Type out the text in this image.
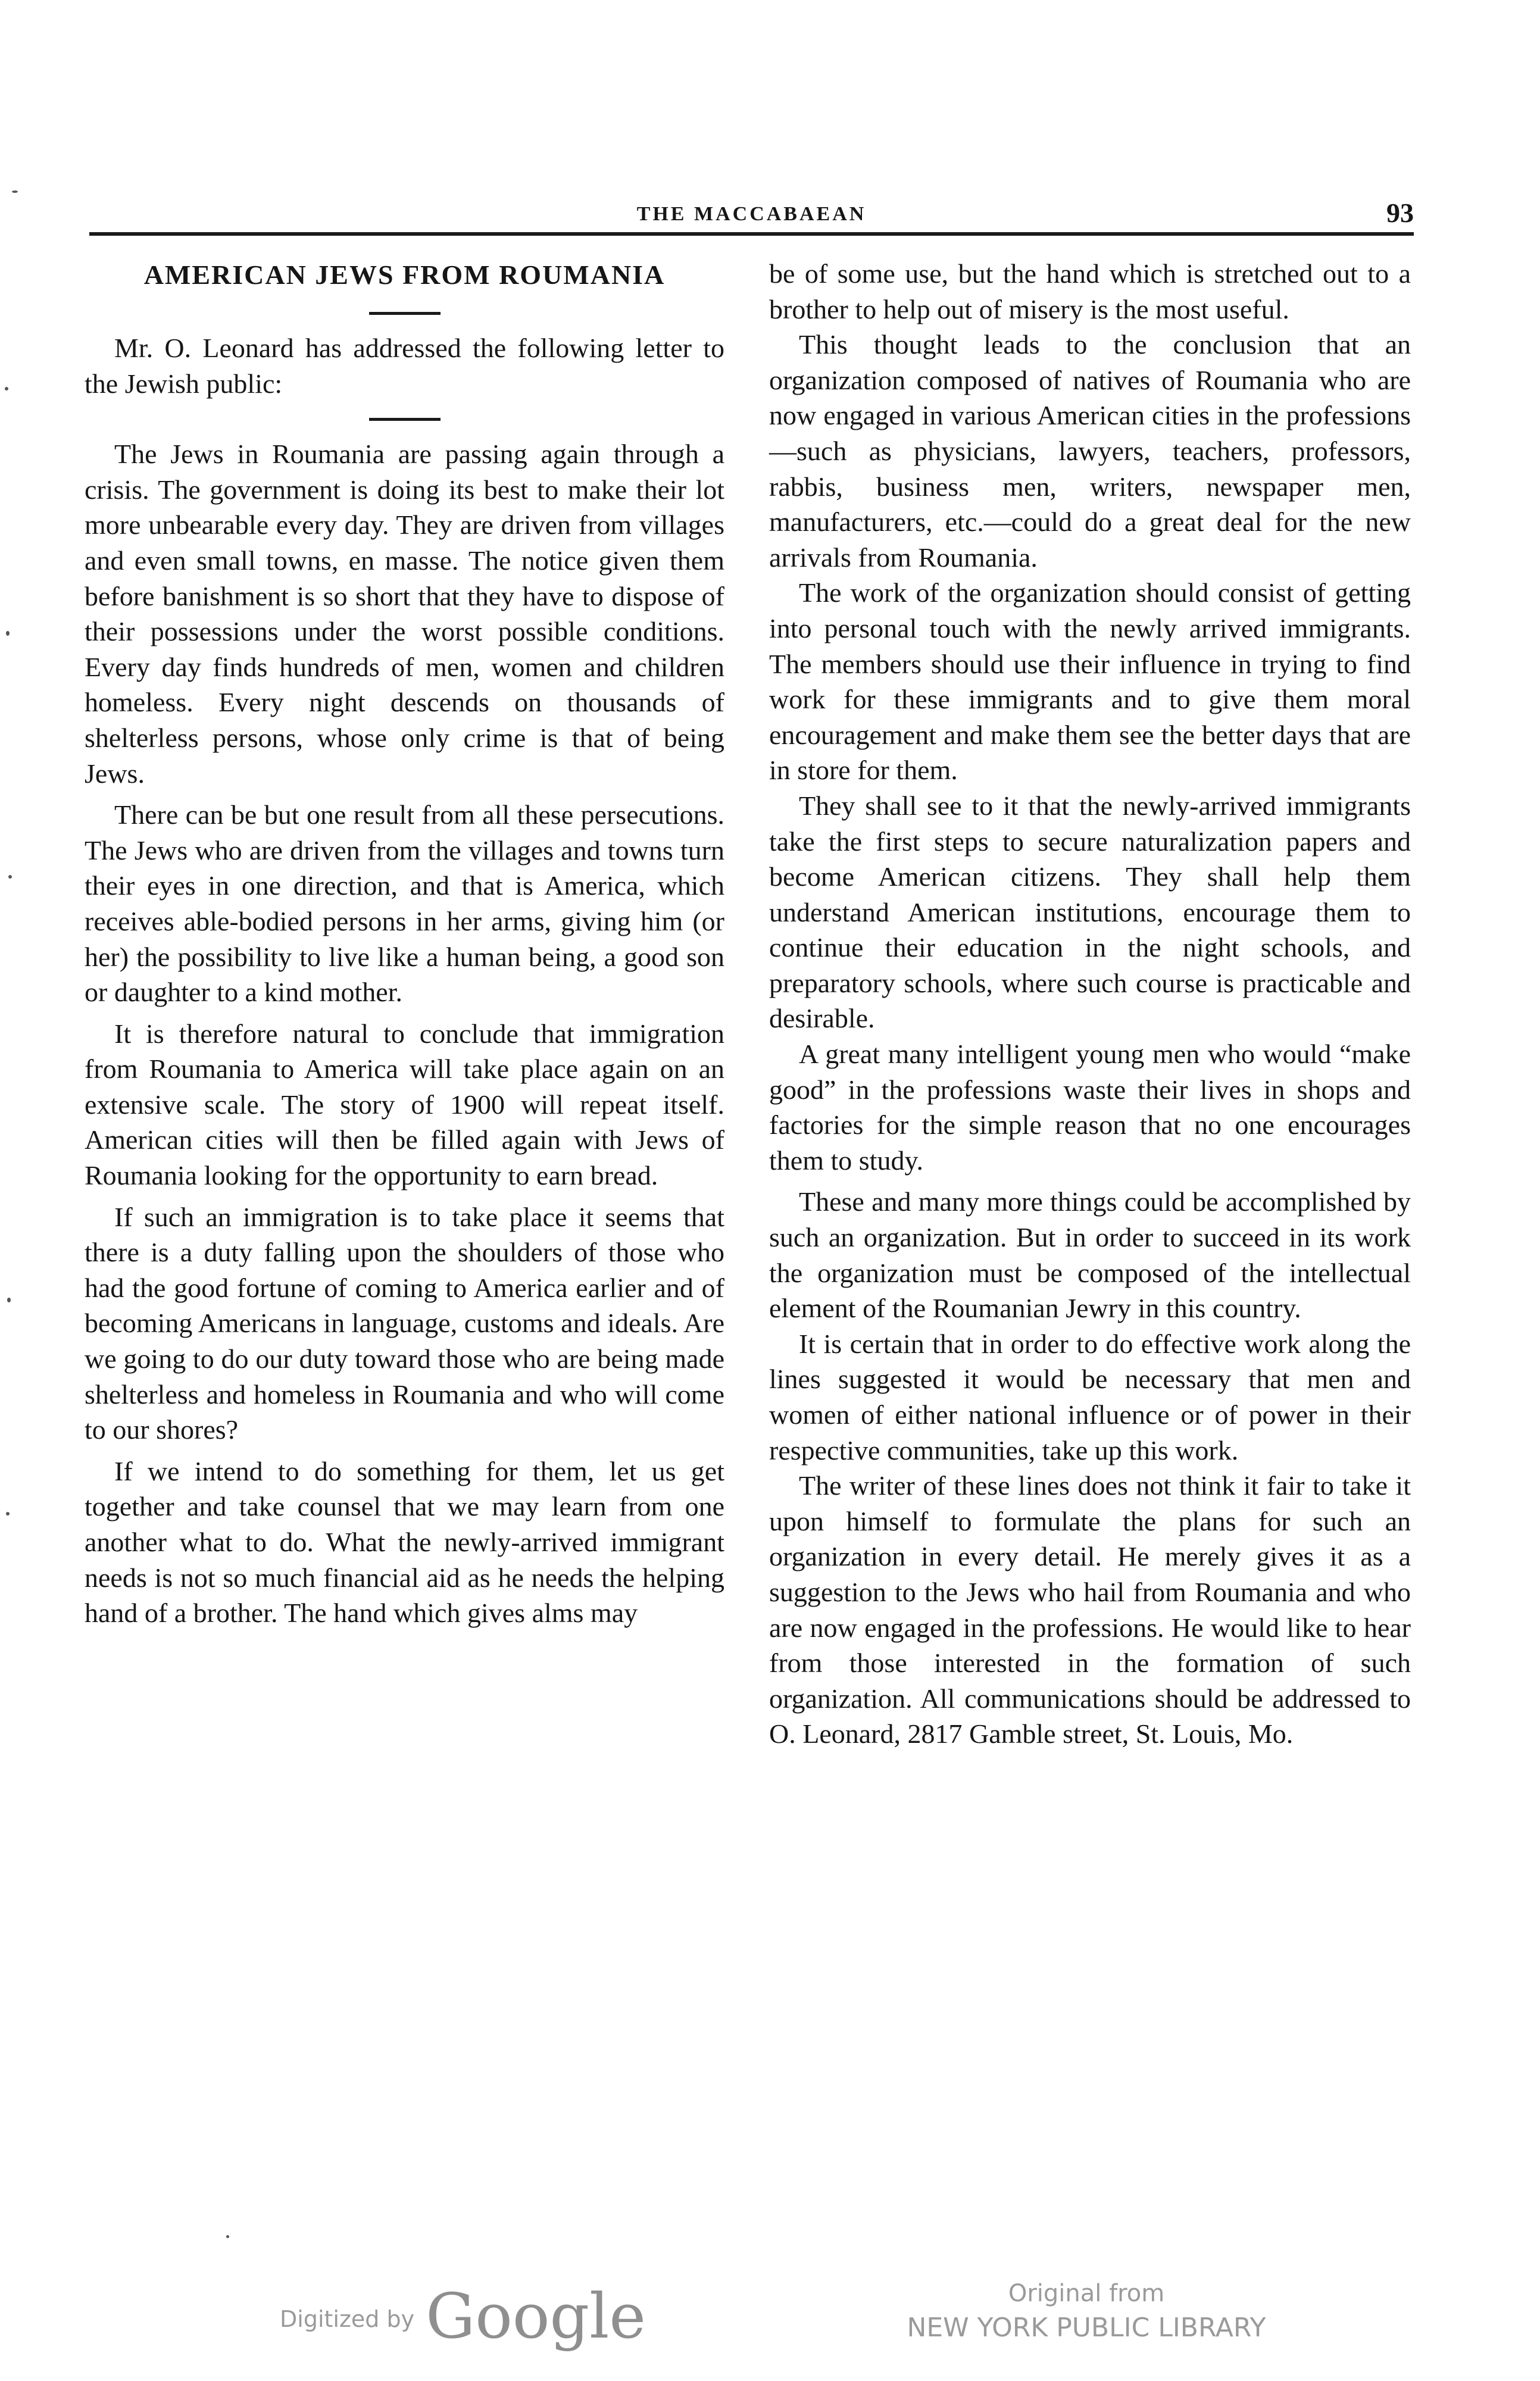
THE MACCABAEAN	93
AMERICAN JEWS FROM ROUMANIA

Mr. O. Leonard has addressed the following letter to the Jewish public:

The Jews in Roumania are passing again through a crisis. The government is doing its best to make their lot more unbearable every day. They are driven from villages and even small towns, en masse. The notice given them before banishment is so short that they have to dispose of their possessions under the worst possible conditions. Every day finds hundreds of men, women and children homeless. Every night descends on thousands of shelterless persons, whose only crime is that of being Jews.

There can be but one result from all these persecutions. The Jews who are driven from the villages and towns turn their eyes in one direction, and that is America, which receives able-bodied persons in her arms, giving him (or her) the possibility to live like a human being, a good son or daughter to a kind mother.

It is therefore natural to conclude that immigration from Roumania to America will take place again on an extensive scale. The story of 1900 will repeat itself. American cities will then be filled again with Jews of Roumania looking for the opportunity to earn bread.

If such an immigration is to take place it seems that there is a duty falling upon the shoulders of those who had the good fortune of coming to America earlier and of becoming Americans in language, customs and ideals. Are we going to do our duty toward those who are being made shelterless and homeless in Roumania and who will come to our shores?

If we intend to do something for them, let us get together and take counsel that we may learn from one another what to do. What the newly-arrived immigrant needs is not so much financial aid as he needs the helping hand of a brother. The hand which gives alms may

be of some use, but the hand which is stretched out to a brother to help out of misery is the most useful.

This thought leads to the conclusion that an organization composed of natives of Roumania who are now engaged in various American cities in the professions—such as physicians, lawyers, teachers, professors, rabbis, business men, writers, newspaper men, manufacturers, etc.—could do a great deal for the new arrivals from Roumania.

The work of the organization should consist of getting into personal touch with the newly arrived immigrants. The members should use their influence in trying to find work for these immigrants and to give them moral encouragement and make them see the better days that are in store for them.

They shall see to it that the newly-arrived immigrants take the first steps to secure naturalization papers and become American citizens. They shall help them understand American institutions, encourage them to continue their education in the night schools, and preparatory schools, where such course is practicable and desirable.

A great many intelligent young men who would “make good” in the professions waste their lives in shops and factories for the simple reason that no one encourages them to study.

These and many more things could be accomplished by such an organization. But in order to succeed in its work the organization must be composed of the intellectual element of the Roumanian Jewry in this country.

It is certain that in order to do effective work along the lines suggested it would be necessary that men and women of either national influence or of power in their respective communities, take up this work.

The writer of these lines does not think it fair to take it upon himself to formulate the plans for such an organization in every detail. He merely gives it as a suggestion to the Jews who hail from Roumania and who are now engaged in the professions. He would like to hear from those interested in the formation of such organization. All communications should be addressed to O. Leonard, 2817 Gamble street, St. Louis, Mo.

Digitized by Google	Original from
NEW YORK PUBLIC LIBRARY
